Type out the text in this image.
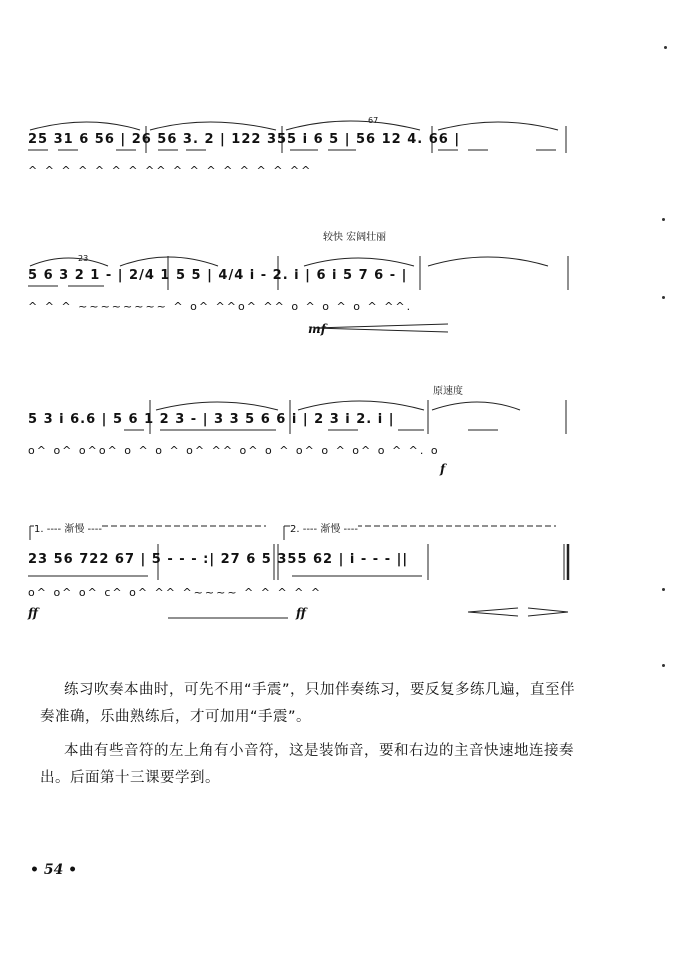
67
25 31 6 56 | 26 56 3. 2 | 122 355 i 6 5 | 56 12 4. 66 |
^ ^ ^ ^ ^ ^ ^ ^^ ^ ^ ^ ^ ^ ^ ^ ^^
较快 宏阔壮丽
23
5 6 3 2 1 - | 2/4 1 5 5 | 4/4 i - 2. i | 6 i 5 7 6 - |
^ ^ ^ ~~~~~~~~ ^ o^ ^^o^ ^^ o ^ o ^ o ^ ^^.
mf
原速度
5 3 i 6.6 | 5 6 1 2 3 - | 3 3 5 6 6 i | 2 3 i 2. i |
o^ o^ o^o^ o ^ o ^ o^ ^^ o^ o ^ o^ o ^ o^ o ^ ^. o
f
1. ---- 渐慢 ----	2. ---- 渐慢 ----
23 56 722 67 | 5 - - - :| 27 6 5 355 62 | i - - - ||
o^ o^ o^ c^ o^ ^^ ^~~~~ ^ ^ ^ ^ ^
ff	ff
练习吹奏本曲时，可先不用“手震”，只加伴奏练习，要反复多练几遍，直至伴奏准确，乐曲熟练后，才可加用“手震”。
本曲有些音符的左上角有小音符，这是装饰音，要和右边的主音快速地连接奏出。后面第十三课要学到。
• 54 •
